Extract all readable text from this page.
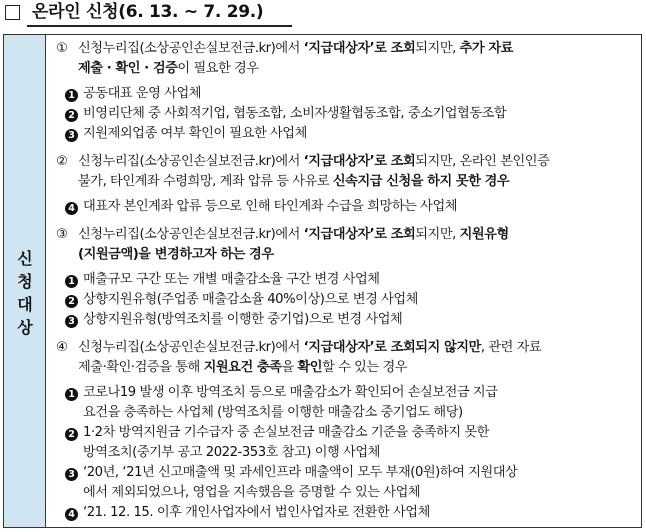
온라인 신청(6. 13. ~ 7. 29.)
신
청
대
상
① 신청누리집(소상공인손실보전금.kr)에서 ‘지급대상자’로 조회되지만, 추가 자료
제출 · 확인 · 검증이 필요한 경우
1 공동대표 운영 사업체
2 비영리단체 중 사회적기업, 협동조합, 소비자생활협동조합, 중소기업협동조합
3 지원제외업종 여부 확인이 필요한 사업체
② 신청누리집(소상공인손실보전금.kr)에서 ‘지급대상자’로 조회되지만, 온라인 본인인증
불가, 타인계좌 수령희망, 계좌 압류 등 사유로 신속지급 신청을 하지 못한 경우
4 대표자 본인계좌 압류 등으로 인해 타인계좌 수급을 희망하는 사업체
③ 신청누리집(소상공인손실보전금.kr)에서 ‘지급대상자’로 조회되지만, 지원유형
(지원금액)을 변경하고자 하는 경우
1 매출규모 구간 또는 개별 매출감소율 구간 변경 사업체
2 상향지원유형(주업종 매출감소율 40%이상)으로 변경 사업체
3 상향지원유형(방역조치를 이행한 중기업)으로 변경 사업체
④ 신청누리집(소상공인손실보전금.kr)에서 ‘지급대상자’로 조회되지 않지만, 관련 자료
제출·확인·검증을 통해 지원요건 충족을 확인할 수 있는 경우
1 코로나19 발생 이후 방역조치 등으로 매출감소가 확인되어 손실보전금 지급
요건을 충족하는 사업체 (방역조치를 이행한 매출감소 중기업도 해당)
2 1·2차 방역지원금 기수급자 중 손실보전금 매출감소 기준을 충족하지 못한
방역조치(중기부 공고 2022-353호 참고) 이행 사업체
3 ‘20년, ‘21년 신고매출액 및 과세인프라 매출액이 모두 부재(0원)하여 지원대상
에서 제외되었으나, 영업을 지속했음을 증명할 수 있는 사업체
4 ‘21. 12. 15. 이후 개인사업자에서 법인사업자로 전환한 사업체
